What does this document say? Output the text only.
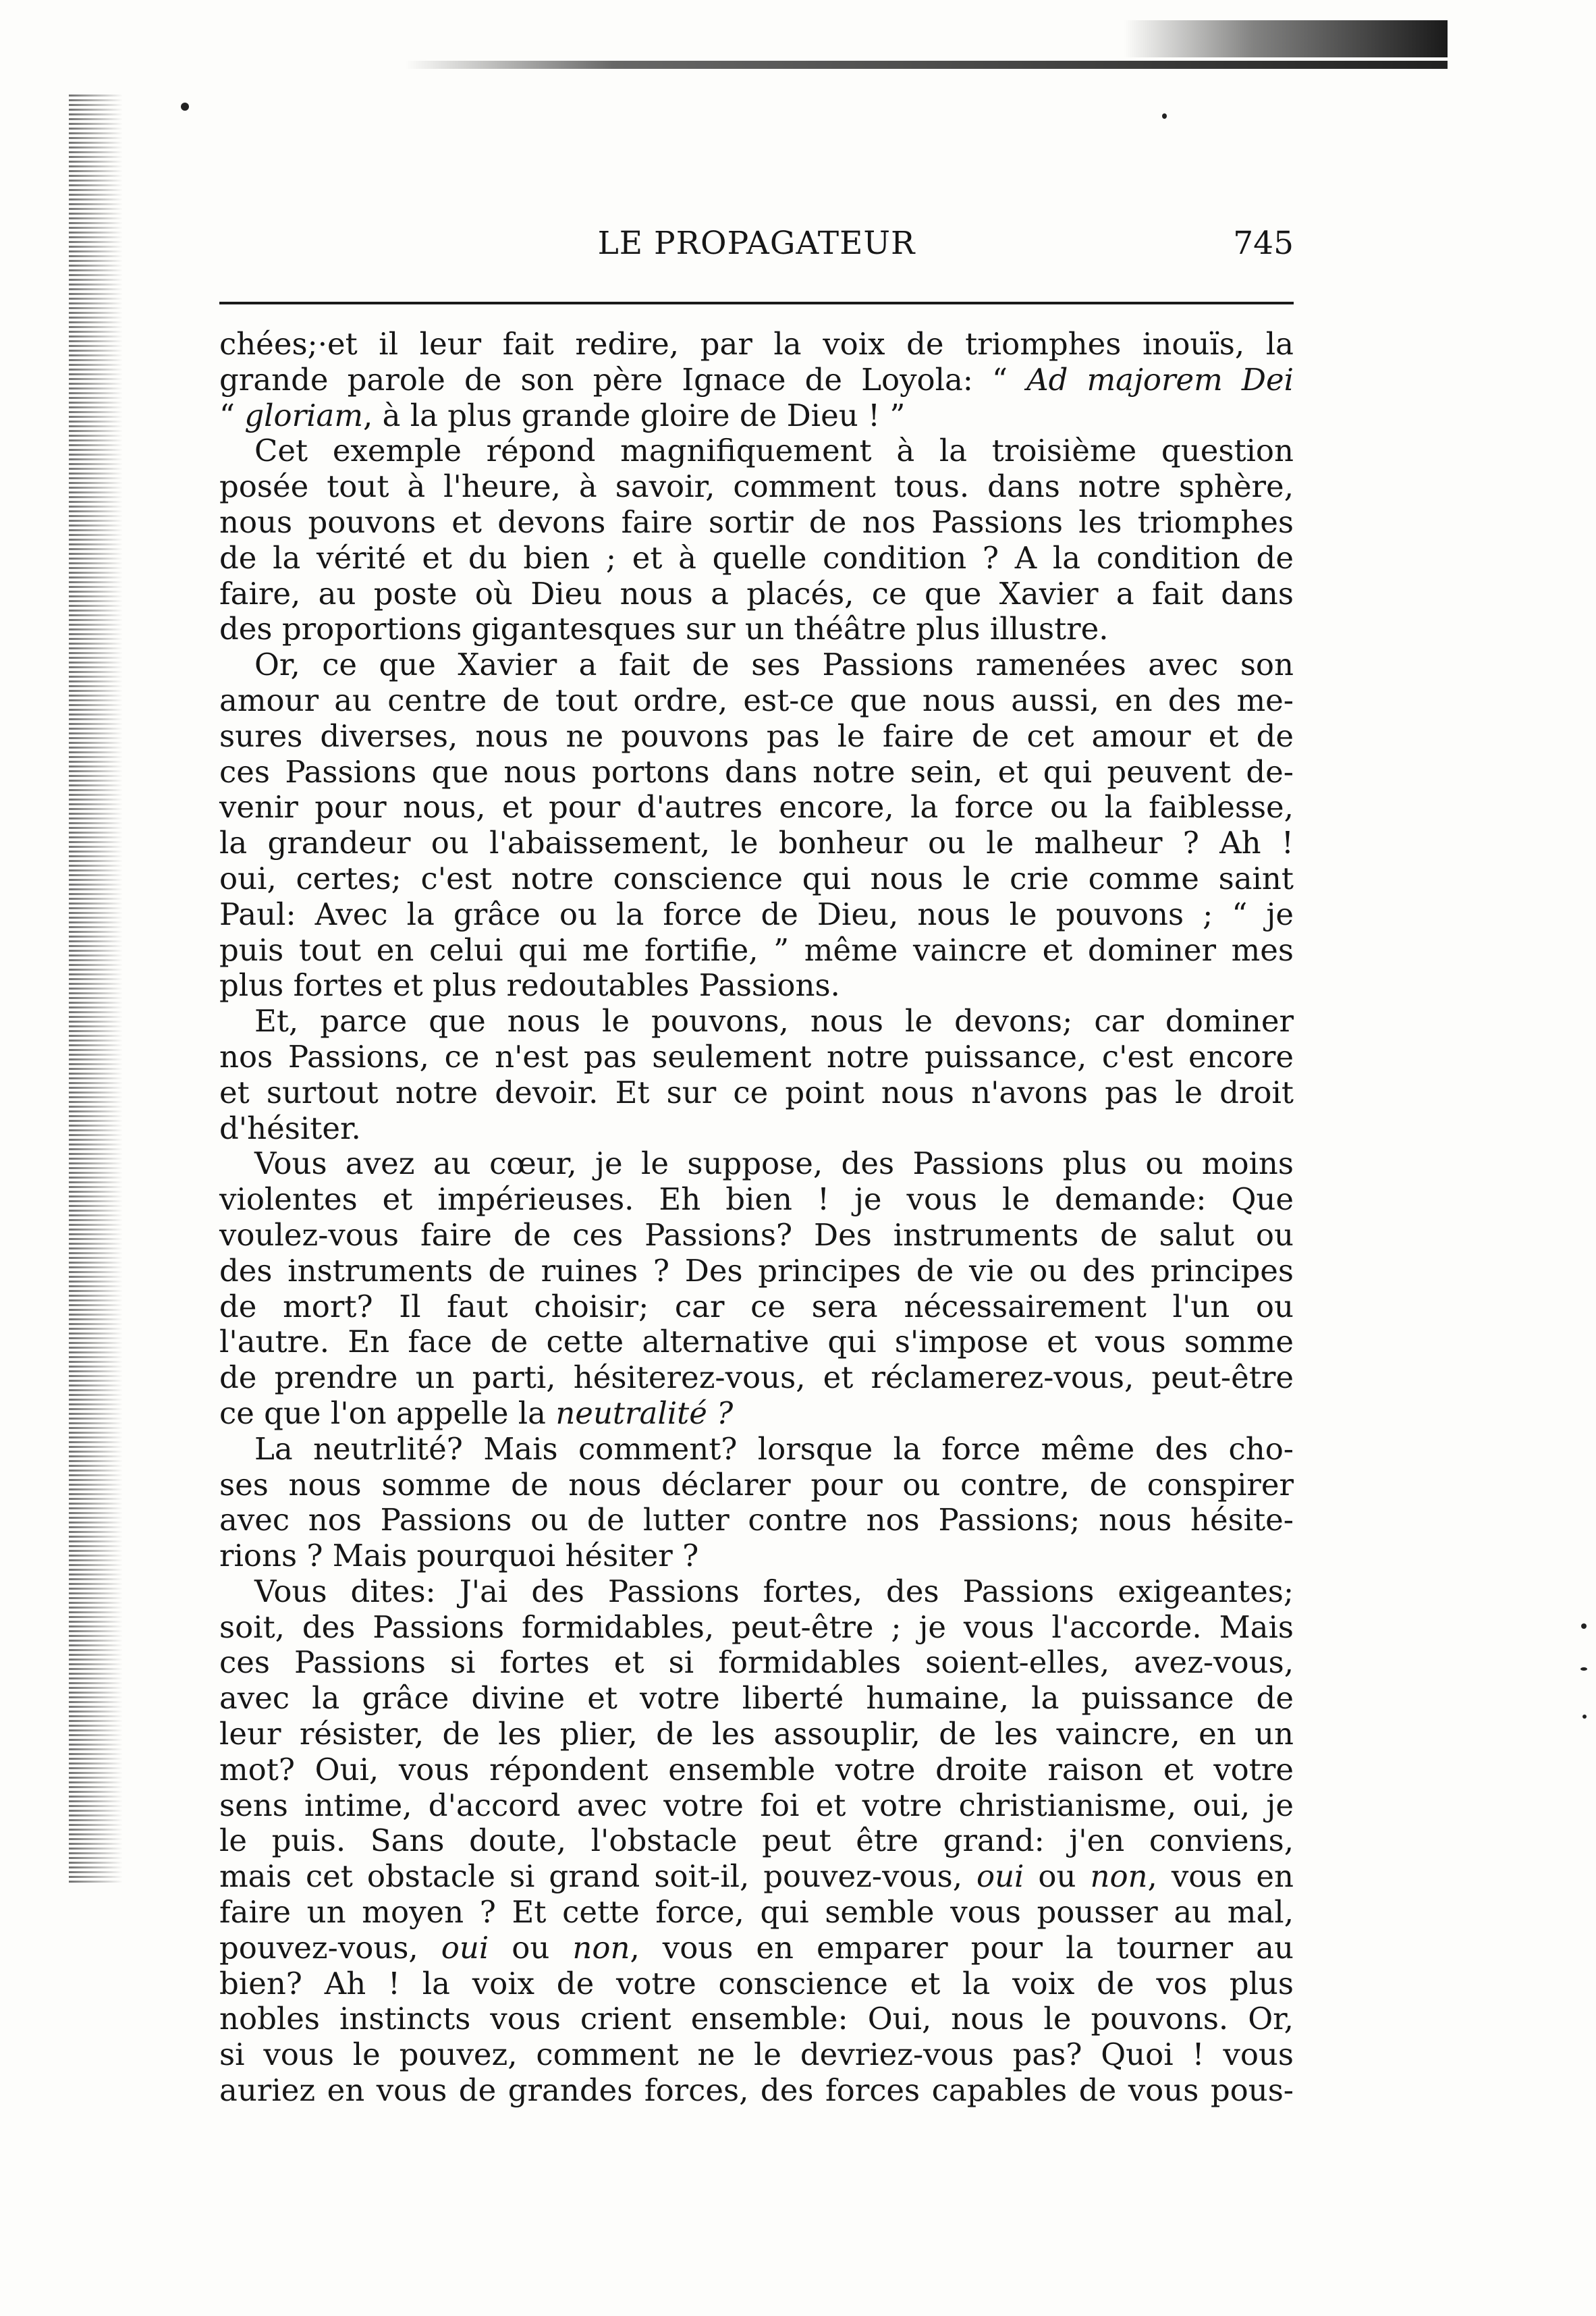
LE PROPAGATEUR	745
chées;·et il leur fait redire, par la voix de triomphes inouïs, la
grande parole de son père Ignace de Loyola: “ Ad majorem Dei
“ gloriam, à la plus grande gloire de Dieu ! ”
Cet exemple répond magnifiquement à la troisième question
posée tout à l'heure, à savoir, comment tous. dans notre sphère,
nous pouvons et devons faire sortir de nos Passions les triomphes
de la vérité et du bien ; et à quelle condition ? A la condition de
faire, au poste où Dieu nous a placés, ce que Xavier a fait dans
des proportions gigantesques sur un théâtre plus illustre.
Or, ce que Xavier a fait de ses Passions ramenées avec son
amour au centre de tout ordre, est-ce que nous aussi, en des me-
sures diverses, nous ne pouvons pas le faire de cet amour et de
ces Passions que nous portons dans notre sein, et qui peuvent de-
venir pour nous, et pour d'autres encore, la force ou la faiblesse,
la grandeur ou l'abaissement, le bonheur ou le malheur ? Ah !
oui, certes; c'est notre conscience qui nous le crie comme saint
Paul: Avec la grâce ou la force de Dieu, nous le pouvons ; “ je
puis tout en celui qui me fortifie, ” même vaincre et dominer mes
plus fortes et plus redoutables Passions.
Et, parce que nous le pouvons, nous le devons; car dominer
nos Passions, ce n'est pas seulement notre puissance, c'est encore
et surtout notre devoir. Et sur ce point nous n'avons pas le droit
d'hésiter.
Vous avez au cœur, je le suppose, des Passions plus ou moins
violentes et impérieuses. Eh bien ! je vous le demande: Que
voulez-vous faire de ces Passions? Des instruments de salut ou
des instruments de ruines ? Des principes de vie ou des principes
de mort? Il faut choisir; car ce sera nécessairement l'un ou
l'autre. En face de cette alternative qui s'impose et vous somme
de prendre un parti, hésiterez-vous, et réclamerez-vous, peut-être
ce que l'on appelle la neutralité ?
La neutrlité? Mais comment? lorsque la force même des cho-
ses nous somme de nous déclarer pour ou contre, de conspirer
avec nos Passions ou de lutter contre nos Passions; nous hésite-
rions ? Mais pourquoi hésiter ?
Vous dites: J'ai des Passions fortes, des Passions exigeantes;
soit, des Passions formidables, peut-être ; je vous l'accorde. Mais
ces Passions si fortes et si formidables soient-elles, avez-vous,
avec la grâce divine et votre liberté humaine, la puissance de
leur résister, de les plier, de les assouplir, de les vaincre, en un
mot? Oui, vous répondent ensemble votre droite raison et votre
sens intime, d'accord avec votre foi et votre christianisme, oui, je
le puis. Sans doute, l'obstacle peut être grand: j'en conviens,
mais cet obstacle si grand soit-il, pouvez-vous, oui ou non, vous en
faire un moyen ? Et cette force, qui semble vous pousser au mal,
pouvez-vous, oui ou non, vous en emparer pour la tourner au
bien? Ah ! la voix de votre conscience et la voix de vos plus
nobles instincts vous crient ensemble: Oui, nous le pouvons. Or,
si vous le pouvez, comment ne le devriez-vous pas? Quoi ! vous
auriez en vous de grandes forces, des forces capables de vous pous-
